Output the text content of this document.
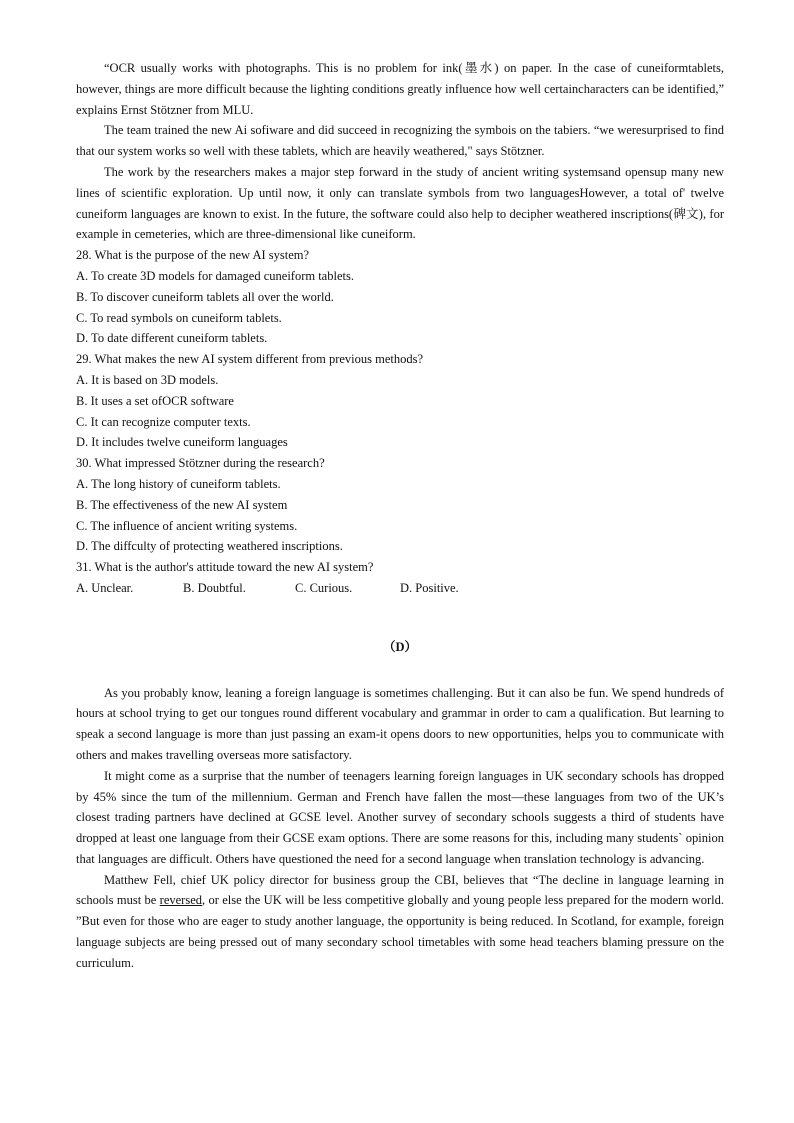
“OCR usually works with photographs. This is no problem for ink(墨水) on paper. In the case of cuneiformtablets, however, things are more difficult because the lighting conditions greatly influence how well certaincharacters can be identified,” explains Ernst Stötzner from MLU.

The team trained the new Ai sofiware and did succeed in recognizing the symbois on the tabiers. “we weresurprised to find that our system works so well with these tablets, which are heavily weathered," says Stötzner.

The work by the researchers makes a major step forward in the study of ancient writing systemsand opensup many new lines of scientific exploration. Up until now, it only can translate symbols from two languagesHowever, a total of' twelve cuneiform languages are known to exist. In the future, the software could also help to decipher weathered inscriptions(碑文), for example in cemeteries, which are three-dimensional like cuneiform.

28. What is the purpose of the new AI system?

A. To create 3D models for damaged cuneiform tablets.

B. To discover cuneiform tablets all over the world.

C. To read symbols on cuneiform tablets.

D. To date different cuneiform tablets.

29. What makes the new AI system different from previous methods?

A. It is based on 3D models.

B. It uses a set ofOCR software

C. It can recognize computer texts.

D. It includes twelve cuneiform languages

30. What impressed Stötzner during the research?

A. The long history of cuneiform tablets.

B. The effectiveness of the new AI system

C. The influence of ancient writing systems.

D. The diffculty of protecting weathered inscriptions.

31. What is the author's attitude toward the new AI system?

A. Unclear.	B. Doubtful.	C. Curious.	D. Positive.

（D）

As you probably know, leaning a foreign language is sometimes challenging. But it can also be fun. We spend hundreds of hours at school trying to get our tongues round different vocabulary and grammar in order to cam a qualification. But learning to speak a second language is more than just passing an exam-it opens doors to new opportunities, helps you to communicate with others and makes travelling overseas more satisfactory.

It might come as a surprise that the number of teenagers learning foreign languages in UK secondary schools has dropped by 45% since the tum of the millennium. German and French have fallen the most—these languages from two of the UK’s closest trading partners have declined at GCSE level. Another survey of secondary schools suggests a third of students have dropped at least one language from their GCSE exam options. There are some reasons for this, including many students` opinion that languages are difficult. Others have questioned the need for a second language when translation technology is advancing.

Matthew Fell, chief UK policy director for business group the CBI, believes that “The decline in language learning in schools must be reversed, or else the UK will be less competitive globally and young people less prepared for the modern world. ”But even for those who are eager to study another language, the opportunity is being reduced. In Scotland, for example, foreign language subjects are being pressed out of many secondary school timetables with some head teachers blaming pressure on the curriculum.
